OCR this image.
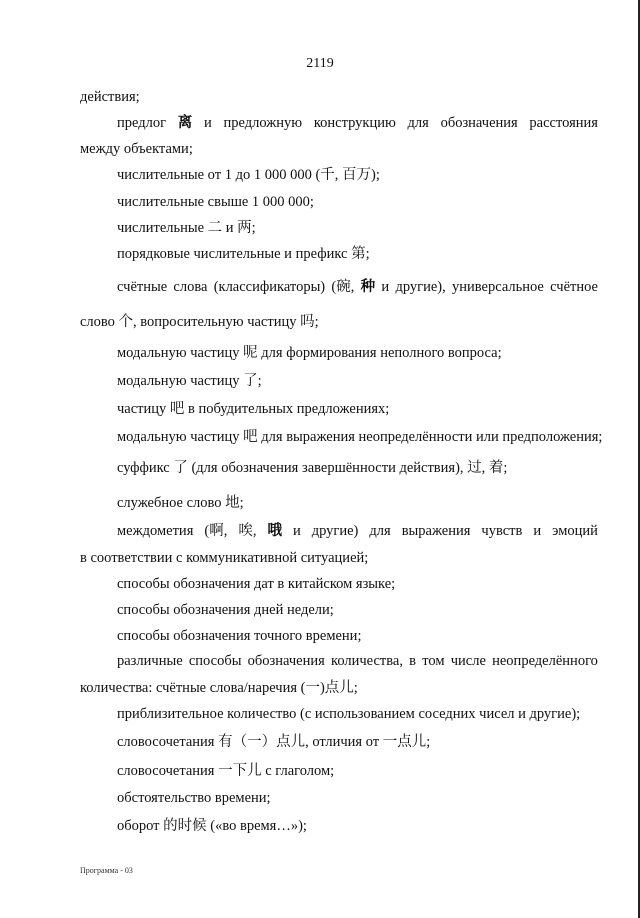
2119
действия;
предлог 离 и предложную конструкцию для обозначения расстояния
между объектами;
числительные от 1 до 1 000 000 (千, 百万);
числительные свыше 1 000 000;
числительные 二 и 两;
порядковые числительные и префикс 第;
счётные слова (классификаторы) (碗, 种 и другие), универсальное счётное
слово 个, вопросительную частицу 吗;
модальную частицу 呢 для формирования неполного вопроса;
модальную частицу 了;
частицу 吧 в побудительных предложениях;
модальную частицу 吧 для выражения неопределённости или предположения;
суффикс 了 (для обозначения завершённости действия), 过, 着;
служебное слово 地;
междометия (啊, 唉, 哦 и другие) для выражения чувств и эмоций
в соответствии с коммуникативной ситуацией;
способы обозначения дат в китайском языке;
способы обозначения дней недели;
способы обозначения точного времени;
различные способы обозначения количества, в том числе неопределённого
количества: счётные слова/наречия (一)点儿;
приблизительное количество (с использованием соседних чисел и другие);
словосочетания 有（一）点儿, отличия от 一点儿;
словосочетания 一下儿 с глаголом;
обстоятельство времени;
оборот 的时候 («во время…»);
Программа - 03
